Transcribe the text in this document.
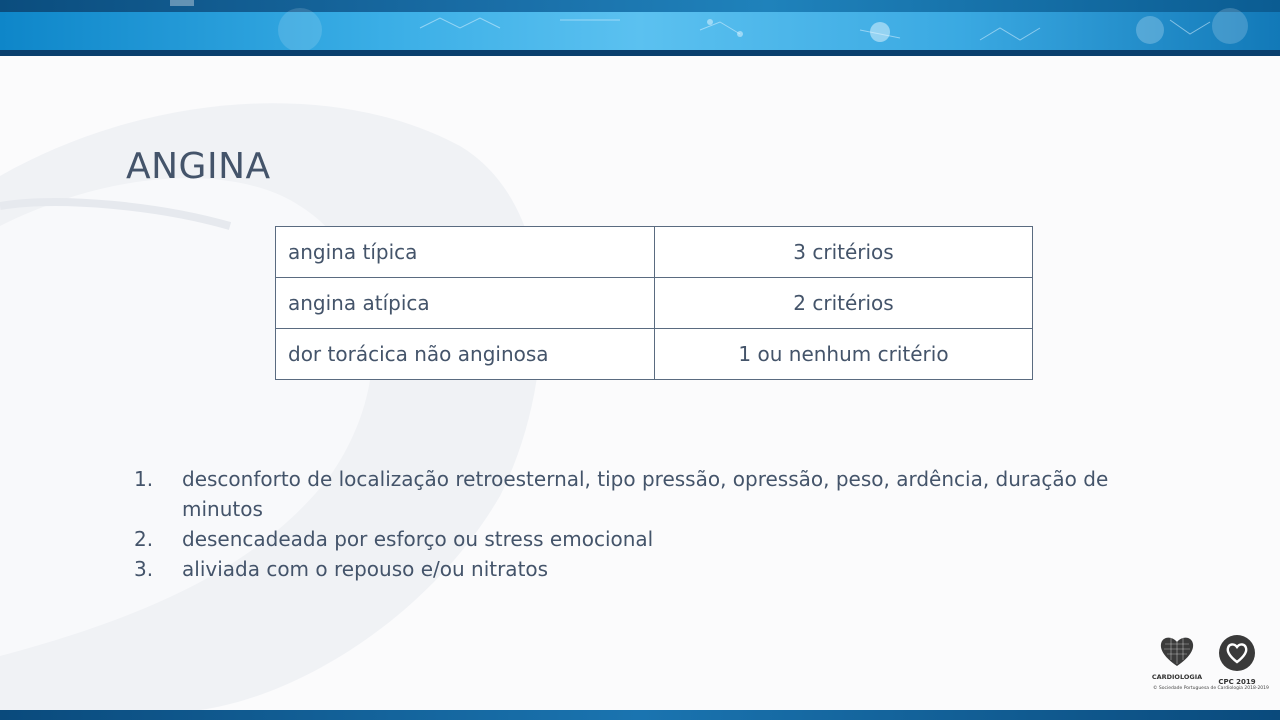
ANGINA
angina típica	3 critérios
angina atípica	2 critérios
dor torácica não anginosa	1 ou nenhum critério
1. desconforto de localização retroesternal, tipo pressão, opressão, peso, ardência, duração de minutos
2. desencadeada por esforço ou stress emocional
3. aliviada com o repouso e/ou nitratos
CARDIOLOGIA
CPC 2019
© Sociedade Portuguesa de Cardiologia 2018-2019
